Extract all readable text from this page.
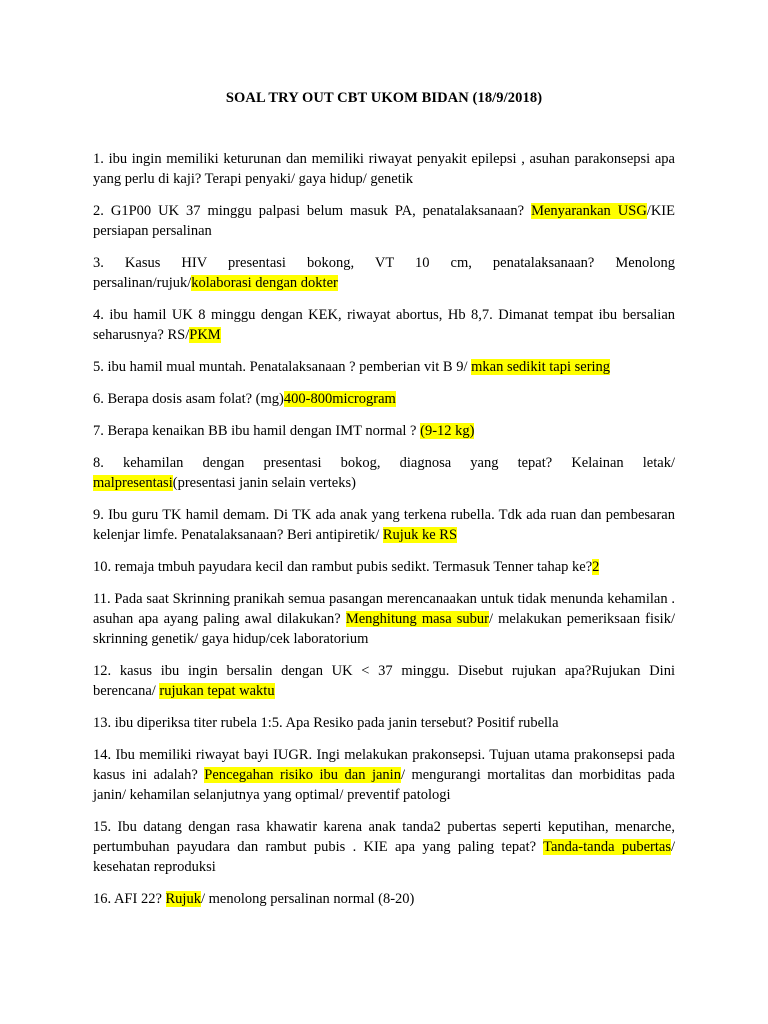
SOAL TRY OUT CBT UKOM BIDAN (18/9/2018)

1. ibu ingin memiliki keturunan dan memiliki riwayat penyakit epilepsi , asuhan parakonsepsi apa yang perlu di kaji? Terapi penyaki/ gaya hidup/ genetik

2. G1P00 UK 37 minggu palpasi belum masuk PA, penatalaksanaan? Menyarankan USG/KIE persiapan persalinan

3. Kasus HIV presentasi bokong, VT 10 cm, penatalaksanaan? Menolong persalinan/rujuk/kolaborasi dengan dokter

4. ibu hamil UK 8 minggu dengan KEK, riwayat abortus, Hb 8,7. Dimanat tempat ibu bersalian seharusnya? RS/PKM

5. ibu hamil mual muntah. Penatalaksanaan ? pemberian vit B 9/ mkan sedikit tapi sering

6. Berapa dosis asam folat? (mg)400-800microgram

7. Berapa kenaikan BB ibu hamil dengan IMT normal ? (9-12 kg)

8. kehamilan dengan presentasi bokog, diagnosa yang tepat? Kelainan letak/ malpresentasi(presentasi janin selain verteks)

9. Ibu guru TK hamil demam. Di TK ada anak yang terkena rubella. Tdk ada ruan dan pembesaran kelenjar limfe. Penatalaksanaan? Beri antipiretik/ Rujuk ke RS

10. remaja tmbuh payudara kecil dan rambut pubis sedikt. Termasuk Tenner tahap ke?2

11. Pada saat Skrinning pranikah semua pasangan merencanaakan untuk tidak menunda kehamilan . asuhan apa ayang paling awal dilakukan? Menghitung masa subur/ melakukan pemeriksaan fisik/ skrinning genetik/ gaya hidup/cek laboratorium

12. kasus ibu ingin bersalin dengan UK < 37 minggu. Disebut rujukan apa?Rujukan Dini berencana/ rujukan tepat waktu

13. ibu diperiksa titer rubela 1:5. Apa Resiko pada janin tersebut? Positif rubella

14. Ibu memiliki riwayat bayi IUGR. Ingi melakukan prakonsepsi. Tujuan utama prakonsepsi pada kasus ini adalah? Pencegahan risiko ibu dan janin/ mengurangi mortalitas dan morbiditas pada janin/ kehamilan selanjutnya yang optimal/ preventif patologi

15. Ibu datang dengan rasa khawatir karena anak tanda2 pubertas seperti keputihan, menarche, pertumbuhan payudara dan rambut pubis . KIE apa yang paling tepat? Tanda-tanda pubertas/ kesehatan reproduksi

16. AFI 22? Rujuk/ menolong persalinan normal (8-20)
